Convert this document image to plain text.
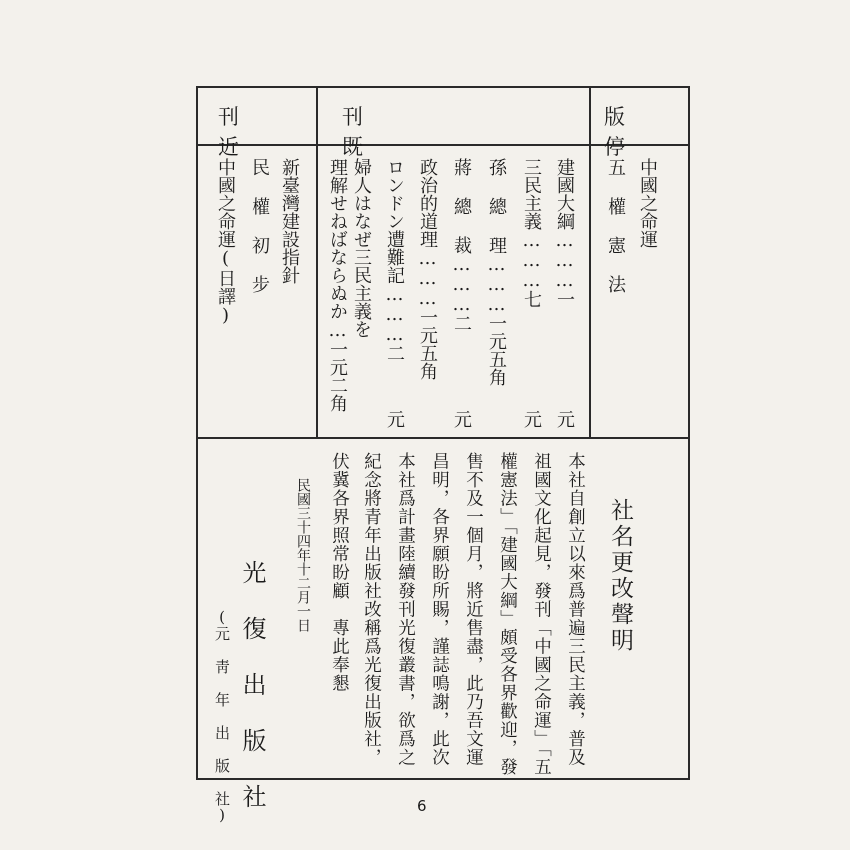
版停
刊既
刊近
中國之命運
五 權 憲 法
建國大綱………一
元
三民主義………七
元
孫 總 理………一元五角
蔣 總 裁………二
元
政治的道理………一元五角
ロンドン遭難記………二
元
婦人はなぜ三民主義を
理解せねばならぬか…一元二角
新臺灣建設指針
民 權 初 步
中國之命運(日譯)
社名更改聲明
本社自創立以來爲普遍三民主義，普及
祖國文化起見，發刊「中國之命運」「五
權憲法」「建國大綱」頗受各界歡迎，發
售不及一個月，將近售盡，此乃吾文運
昌明，各界願盼所賜，謹誌鳴謝，此次
本社爲計畫陸續發刊光復叢書，欲爲之
紀念將青年出版社改稱爲光復出版社，
伏冀各界照常盼顧　專此奉懇
民國三十四年十二月一日
光 復 出 版 社
(元 靑 年 出 版 社)	6
